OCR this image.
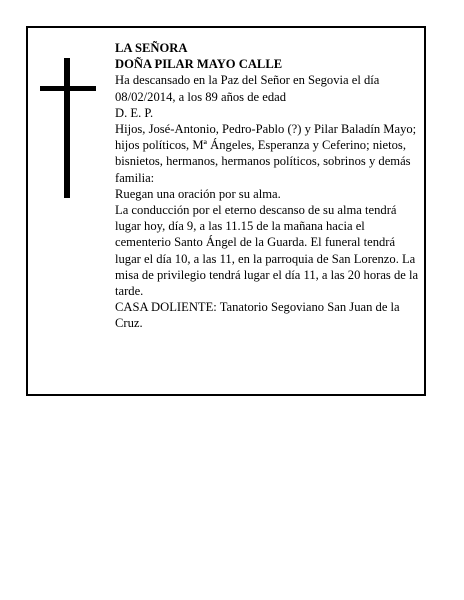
LA SEÑORA

DOÑA PILAR MAYO CALLE

Ha descansado en la Paz del Señor en Segovia el día 08/02/2014, a los 89 años de edad

D. E. P.

Hijos, José-Antonio, Pedro-Pablo (?) y Pilar Baladín Mayo; hijos políticos, Mª Ángeles, Esperanza y Ceferino; nietos, bisnietos, hermanos, hermanos políticos, sobrinos y demás familia:

Ruegan una oración por su alma.

La conducción por el eterno descanso de su alma tendrá lugar hoy, día 9, a las 11.15 de la mañana hacia el cementerio Santo Ángel de la Guarda. El funeral tendrá lugar el día 10, a las 11, en la parroquia de San Lorenzo. La misa de privilegio tendrá lugar el día 11, a las 20 horas de la tarde.

CASA DOLIENTE: Tanatorio Segoviano San Juan de la Cruz.
